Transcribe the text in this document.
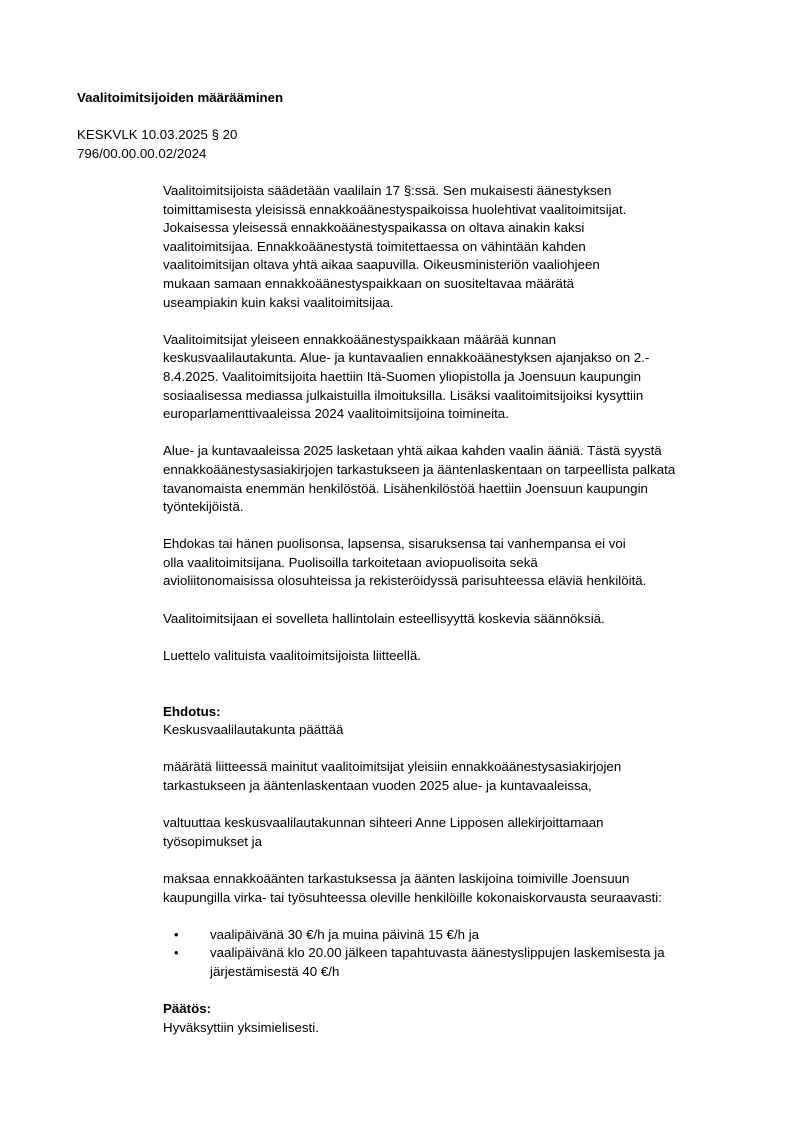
Vaalitoimitsijoiden määrääminen
KESKVLK 10.03.2025 § 20
796/00.00.00.02/2024

Vaalitoimitsijoista säädetään vaalilain 17 §:ssä. Sen mukaisesti äänestyksen
toimittamisesta yleisissä ennakkoäänestyspaikoissa huolehtivat vaalitoimitsijat.
Jokaisessa yleisessä ennakkoäänestyspaikassa on oltava ainakin kaksi
vaalitoimitsijaa. Ennakkoäänestystä toimitettaessa on vähintään kahden
vaalitoimitsijan oltava yhtä aikaa saapuvilla. Oikeusministeriön vaaliohjeen
mukaan samaan ennakkoäänestyspaikkaan on suositeltavaa määrätä
useampiakin kuin kaksi vaalitoimitsijaa.

Vaalitoimitsijat yleiseen ennakkoäänestyspaikkaan määrää kunnan
keskusvaalilautakunta. Alue- ja kuntavaalien ennakkoäänestyksen ajanjakso on 2.-
8.4.2025. Vaalitoimitsijoita haettiin Itä-Suomen yliopistolla ja Joensuun kaupungin
sosiaalisessa mediassa julkaistuilla ilmoituksilla. Lisäksi vaalitoimitsijoiksi kysyttiin
europarlamenttivaaleissa 2024 vaalitoimitsijoina toimineita.

Alue- ja kuntavaaleissa 2025 lasketaan yhtä aikaa kahden vaalin ääniä. Tästä syystä
ennakkoäänestysasiakirjojen tarkastukseen ja ääntenlaskentaan on tarpeellista palkata
tavanomaista enemmän henkilöstöä. Lisähenkilöstöä haettiin Joensuun kaupungin
työntekijöistä.

Ehdokas tai hänen puolisonsa, lapsensa, sisaruksensa tai vanhempansa ei voi
olla vaalitoimitsijana. Puolisoilla tarkoitetaan aviopuolisoita sekä
avioliitonomaisissa olosuhteissa ja rekisteröidyssä parisuhteessa eläviä henkilöitä.

Vaalitoimitsijaan ei sovelleta hallintolain esteellisyyttä koskevia säännöksiä.

Luettelo valituista vaalitoimitsijoista liitteellä.

Ehdotus:

Keskusvaalilautakunta päättää

määrätä liitteessä mainitut vaalitoimitsijat yleisiin ennakkoäänestysasiakirjojen
tarkastukseen ja ääntenlaskentaan vuoden 2025 alue- ja kuntavaaleissa,

valtuuttaa keskusvaalilautakunnan sihteeri Anne Lipposen allekirjoittamaan
työsopimukset ja

maksaa ennakkoäänten tarkastuksessa ja äänten laskijoina toimiville Joensuun
kaupungilla virka- tai työsuhteessa oleville henkilöille kokonaiskorvausta seuraavasti:

• vaalipäivänä 30 €/h ja muina päivinä 15 €/h ja
• vaalipäivänä klo 20.00 jälkeen tapahtuvasta äänestyslippujen laskemisesta ja
järjestämisestä 40 €/h
Päätös:
Hyväksyttiin yksimielisesti.
